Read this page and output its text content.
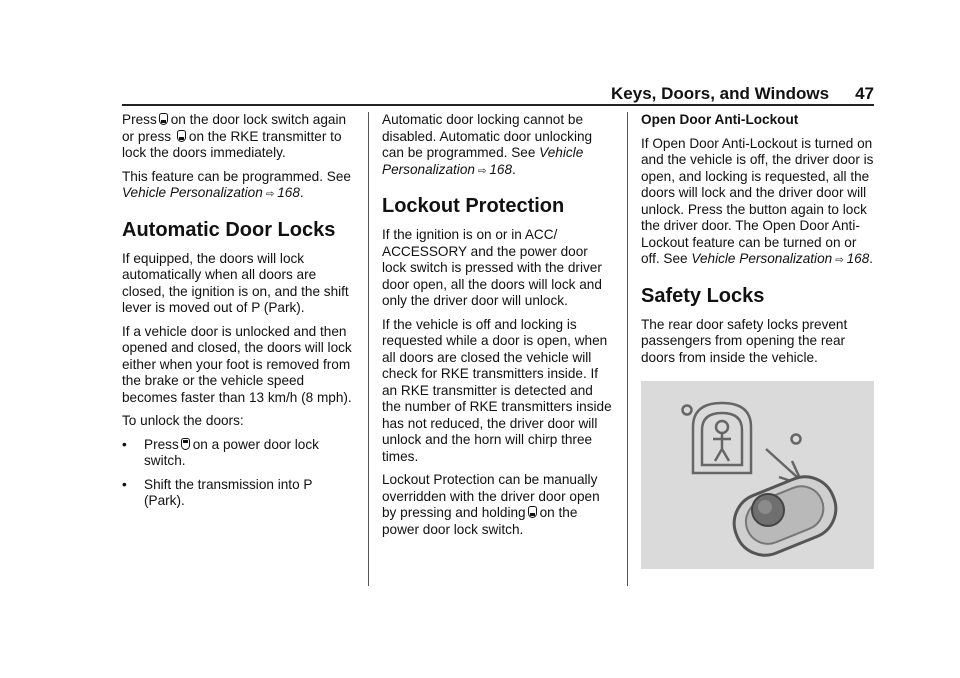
Keys, Doors, and Windows 47

Press on the door lock switch again or press on the RKE transmitter to lock the doors immediately.

This feature can be programmed. See Vehicle Personalization ⇨ 168.

Automatic Door Locks

If equipped, the doors will lock automatically when all doors are closed, the ignition is on, and the shift lever is moved out of P (Park).

If a vehicle door is unlocked and then opened and closed, the doors will lock either when your foot is removed from the brake or the vehicle speed becomes faster than 13 km/h (8 mph).

To unlock the doors:

•	Press on a power door lock switch.
•	Shift the transmission into P (Park).

Automatic door locking cannot be disabled. Automatic door unlocking can be programmed. See Vehicle Personalization ⇨ 168.

Lockout Protection

If the ignition is on or in ACC/ ACCESSORY and the power door lock switch is pressed with the driver door open, all the doors will lock and only the driver door will unlock.

If the vehicle is off and locking is requested while a door is open, when all doors are closed the vehicle will check for RKE transmitters inside. If an RKE transmitter is detected and the number of RKE transmitters inside has not reduced, the driver door will unlock and the horn will chirp three times.

Lockout Protection can be manually overridden with the driver door open by pressing and holding on the power door lock switch.

Open Door Anti-Lockout

If Open Door Anti-Lockout is turned on and the vehicle is off, the driver door is open, and locking is requested, all the doors will lock and the driver door will unlock. Press the button again to lock the driver door. The Open Door Anti-Lockout feature can be turned on or off. See Vehicle Personalization ⇨ 168.

Safety Locks

The rear door safety locks prevent passengers from opening the rear doors from inside the vehicle.
